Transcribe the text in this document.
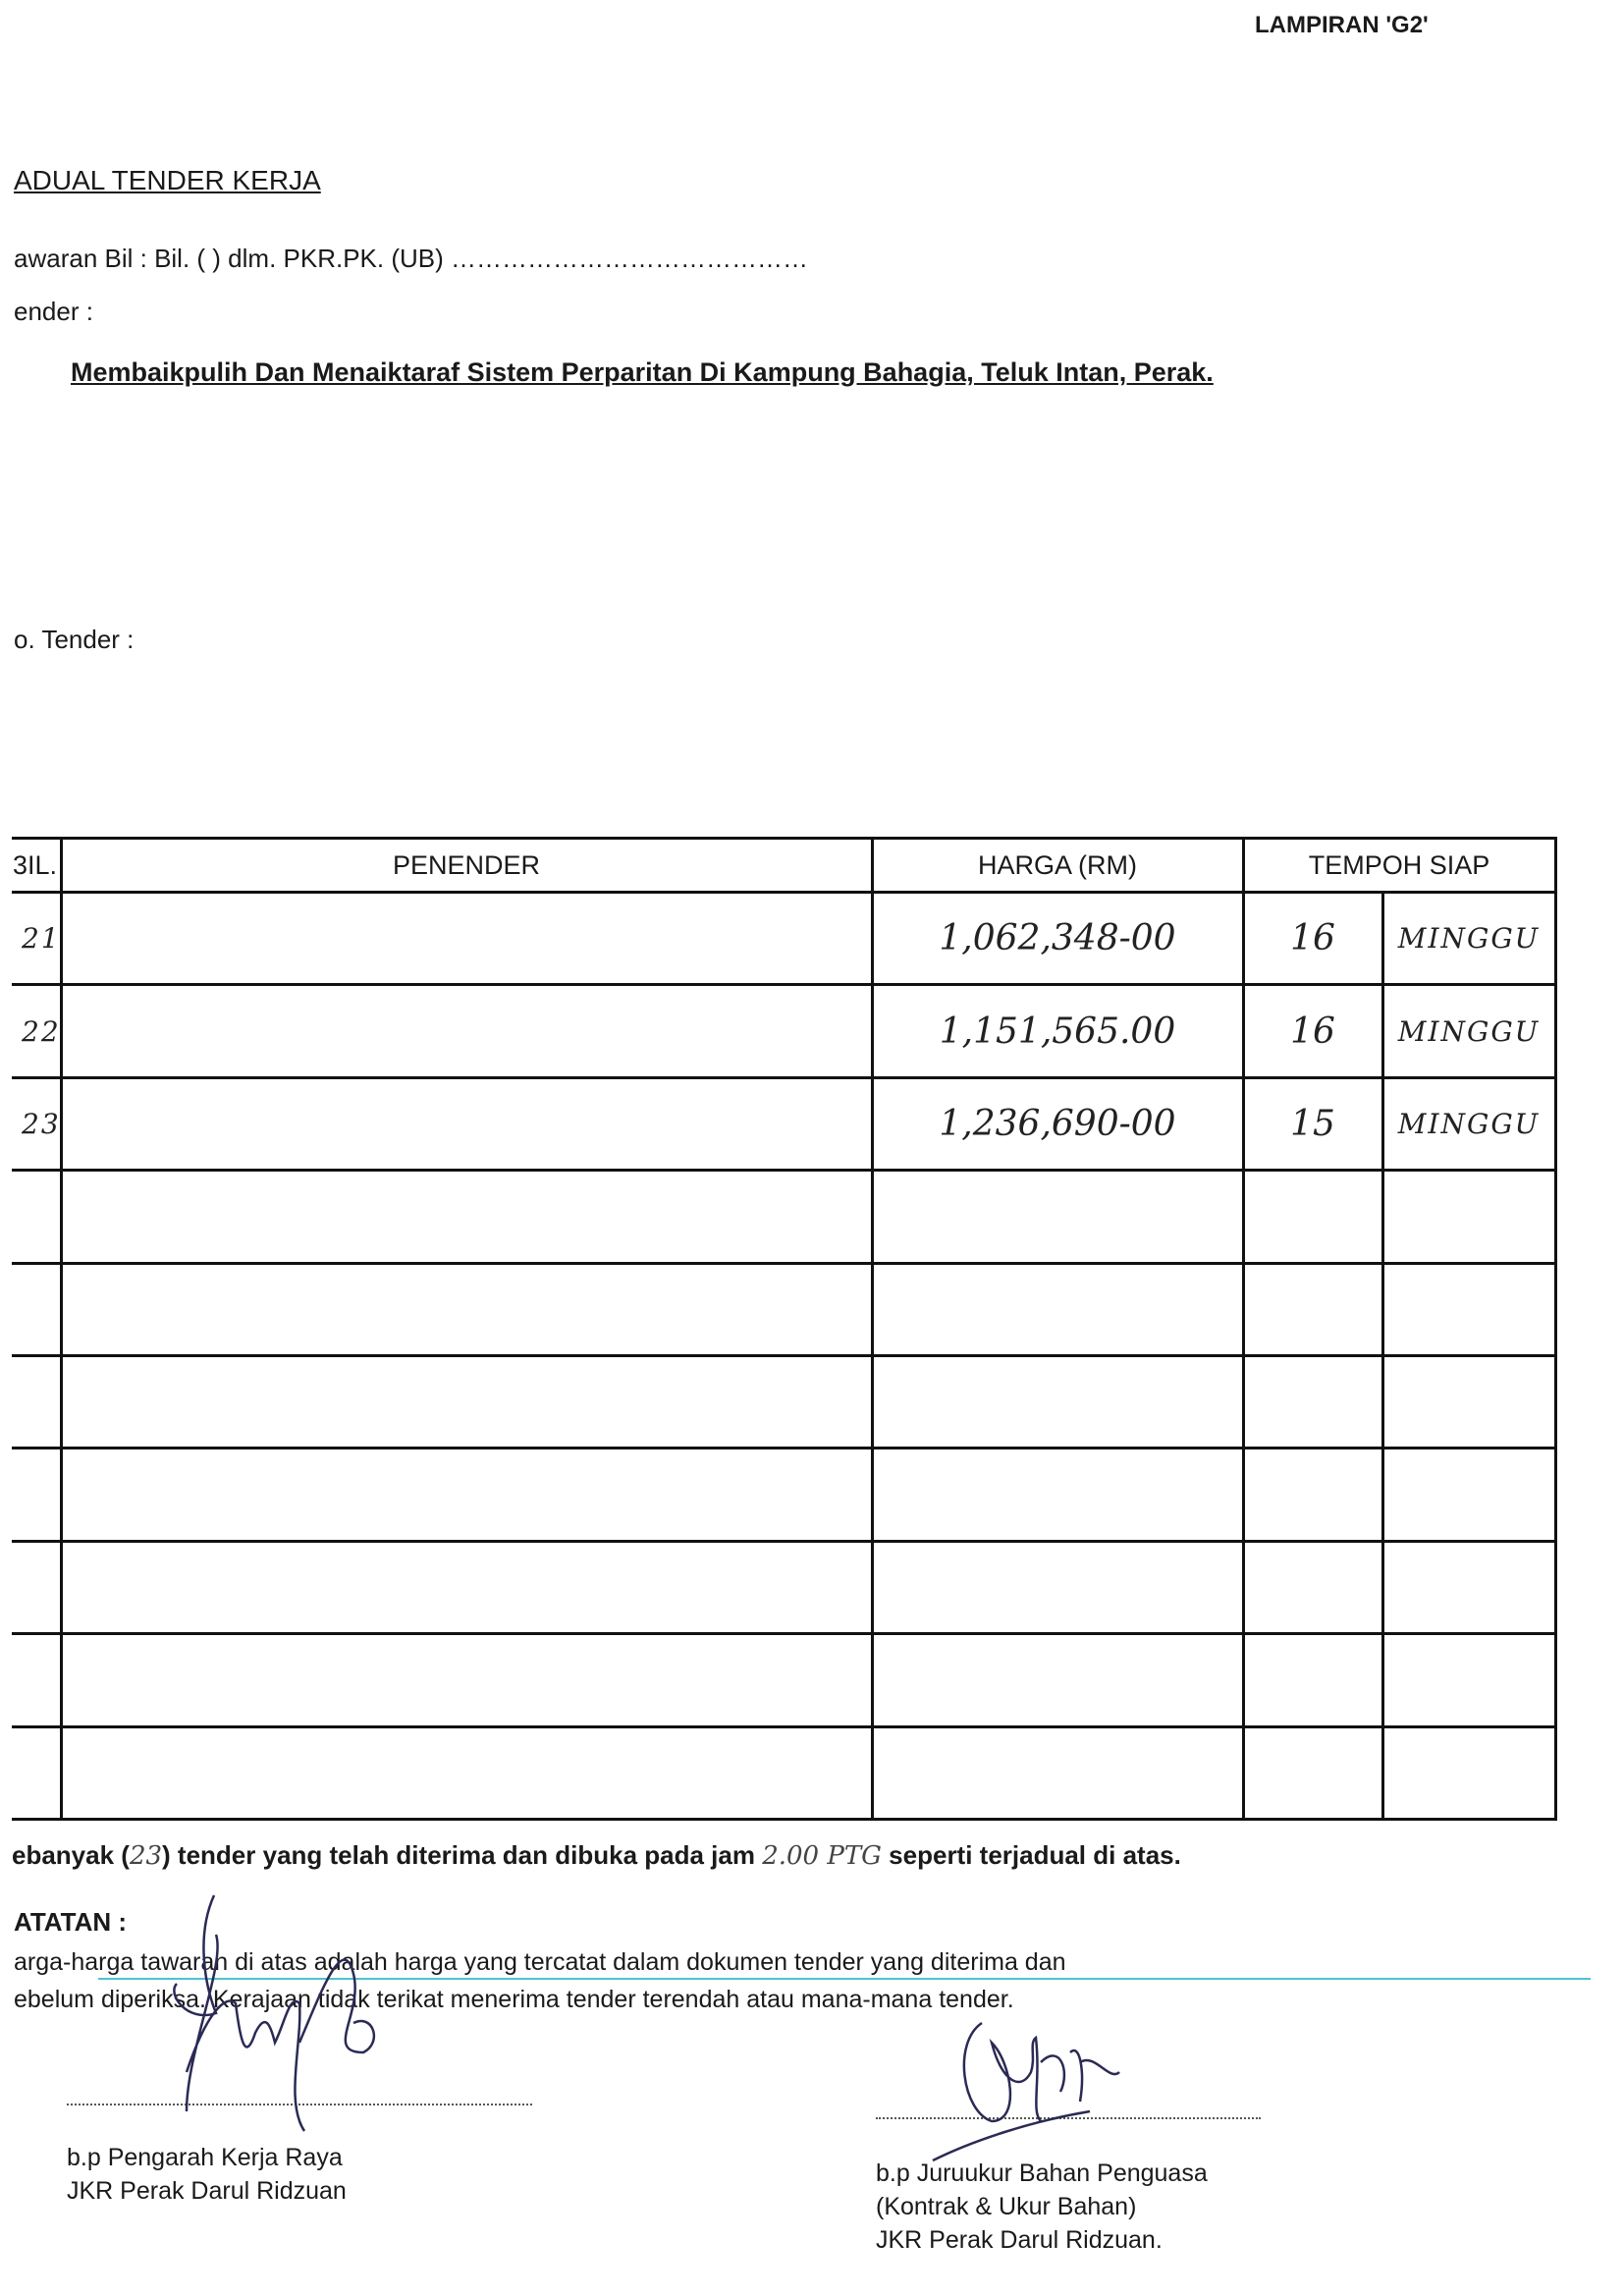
LAMPIRAN 'G2'
ADUAL TENDER KERJA
awaran Bil : Bil. ( ) dlm. PKR.PK. (UB) ……………………………………
ender :
Membaikpulih Dan Menaiktaraf Sistem Perparitan Di Kampung Bahagia, Teluk Intan, Perak.
o. Tender :
3IL.	PENENDER	HARGA (RM)	TEMPOH SIAP	
21		1,062,348-00	16	MINGGU
22		1,151,565.00	16	MINGGU
23		1,236,690-00	15	MINGGU

ebanyak (23) tender yang telah diterima dan dibuka pada jam 2.00 PTG seperti terjadual di atas.
ATATAN :
arga-harga tawaran di atas adalah harga yang tercatat dalam dokumen tender yang diterima dan
ebelum diperiksa. Kerajaan tidak terikat menerima tender terendah atau mana-mana tender.
b.p Pengarah Kerja Raya
JKR Perak Darul Ridzuan
b.p Juruukur Bahan Penguasa
(Kontrak & Ukur Bahan)
JKR Perak Darul Ridzuan.
